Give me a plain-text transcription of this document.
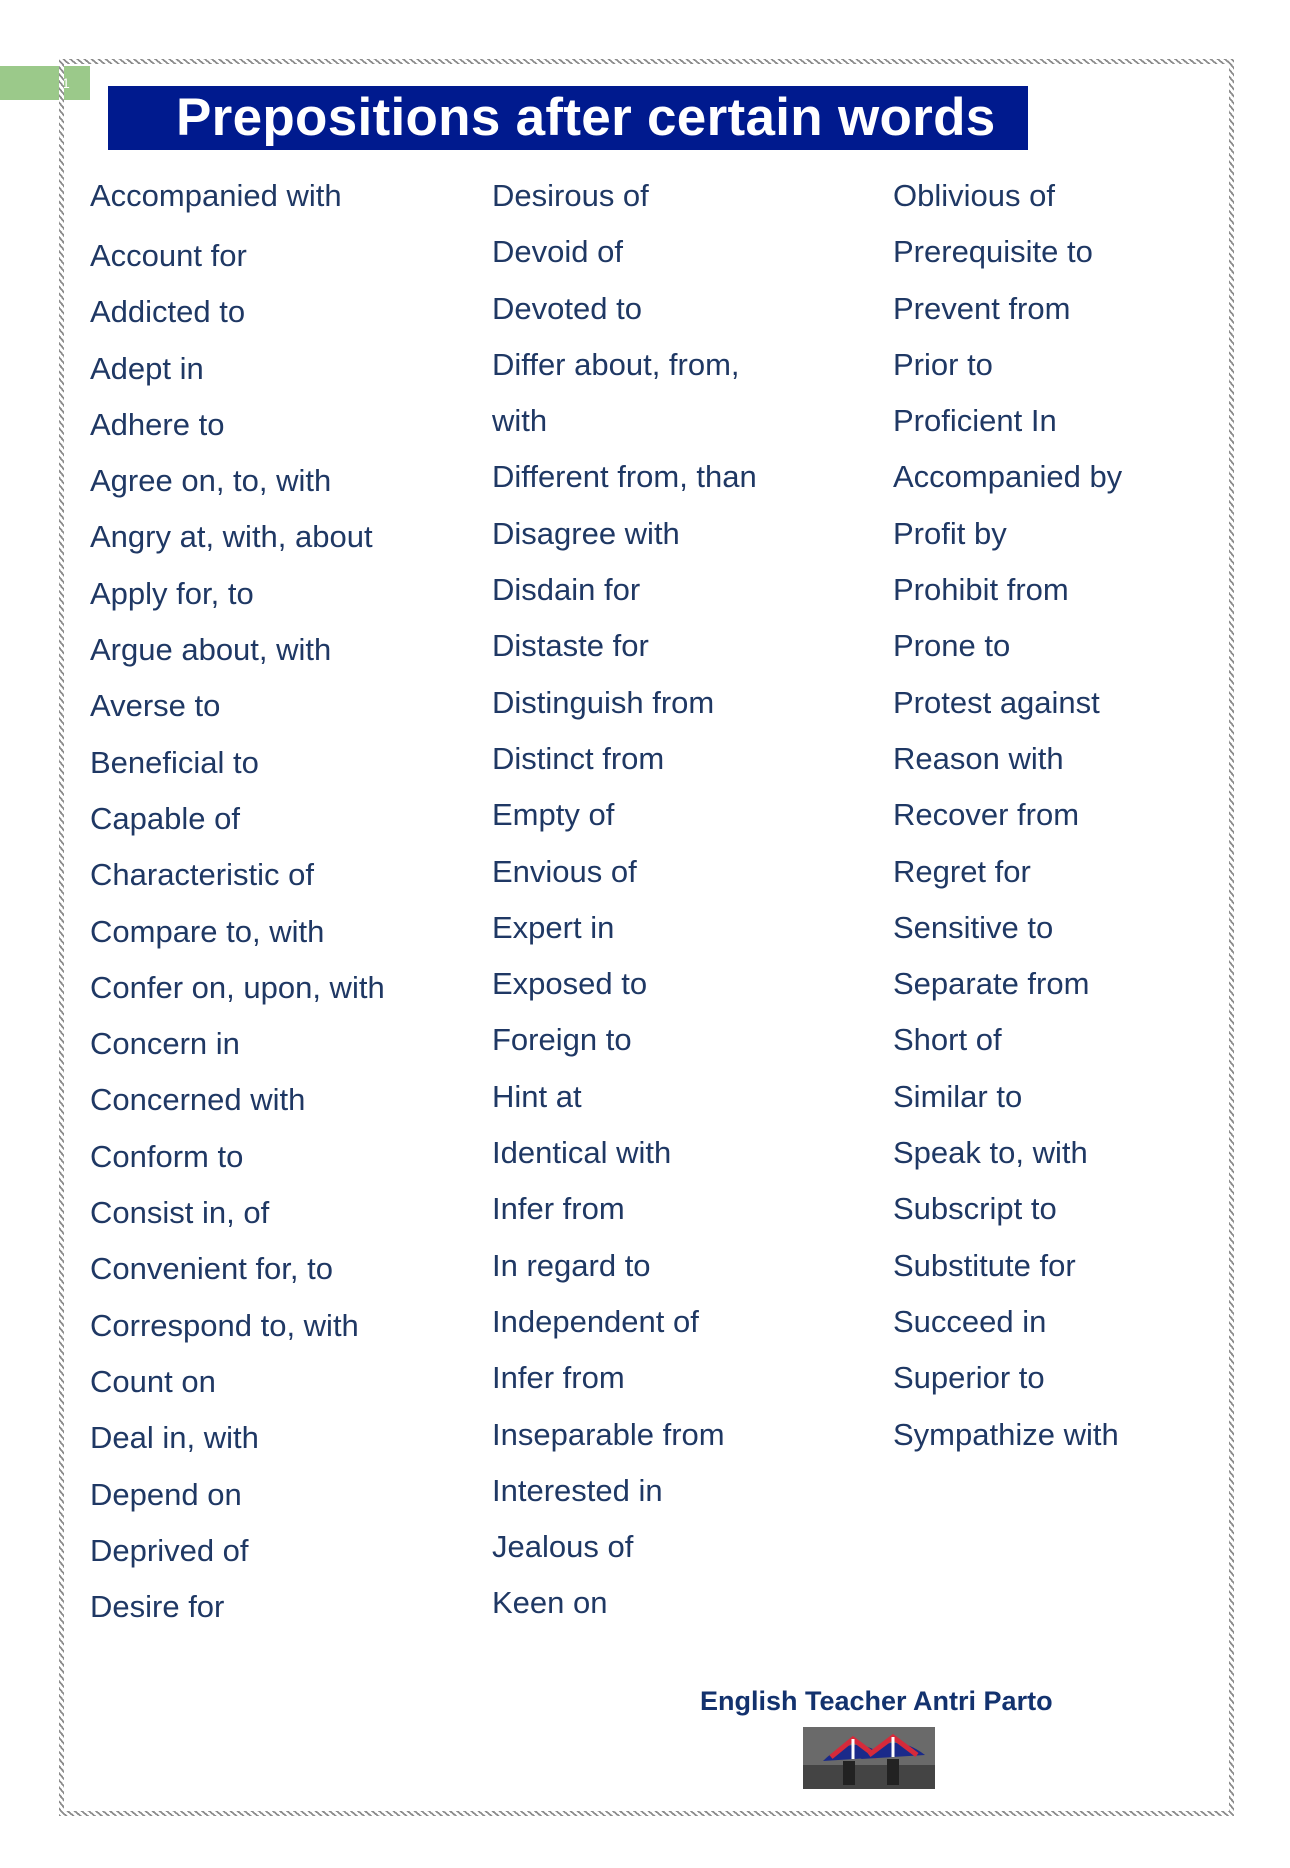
1
Prepositions after certain words
Accompanied with
Account for
Addicted to
Adept in
Adhere to
Agree on, to, with
Angry at, with, about
Apply for, to
Argue about, with
Averse to
Beneficial to
Capable of
Characteristic of
Compare to, with
Confer on, upon, with
Concern in
Concerned with
Conform to
Consist in, of
Convenient for, to
Correspond to, with
Count on
Deal in, with
Depend on
Deprived of
Desire for
Desirous of
Devoid of
Devoted to
Differ about, from,
with
Different from, than
Disagree with
Disdain for
Distaste for
Distinguish from
Distinct from
Empty of
Envious of
Expert in
Exposed to
Foreign to
Hint at
Identical with
Infer from
In regard to
Independent of
Infer from
Inseparable from
Interested in
Jealous of
Keen on
Oblivious of
Prerequisite to
Prevent from
Prior to
Proficient In
Accompanied by
Profit by
Prohibit from
Prone to
Protest against
Reason with
Recover from
Regret for
Sensitive to
Separate from
Short of
Similar to
Speak to, with
Subscript to
Substitute for
Succeed in
Superior to
Sympathize with

English Teacher Antri Parto
